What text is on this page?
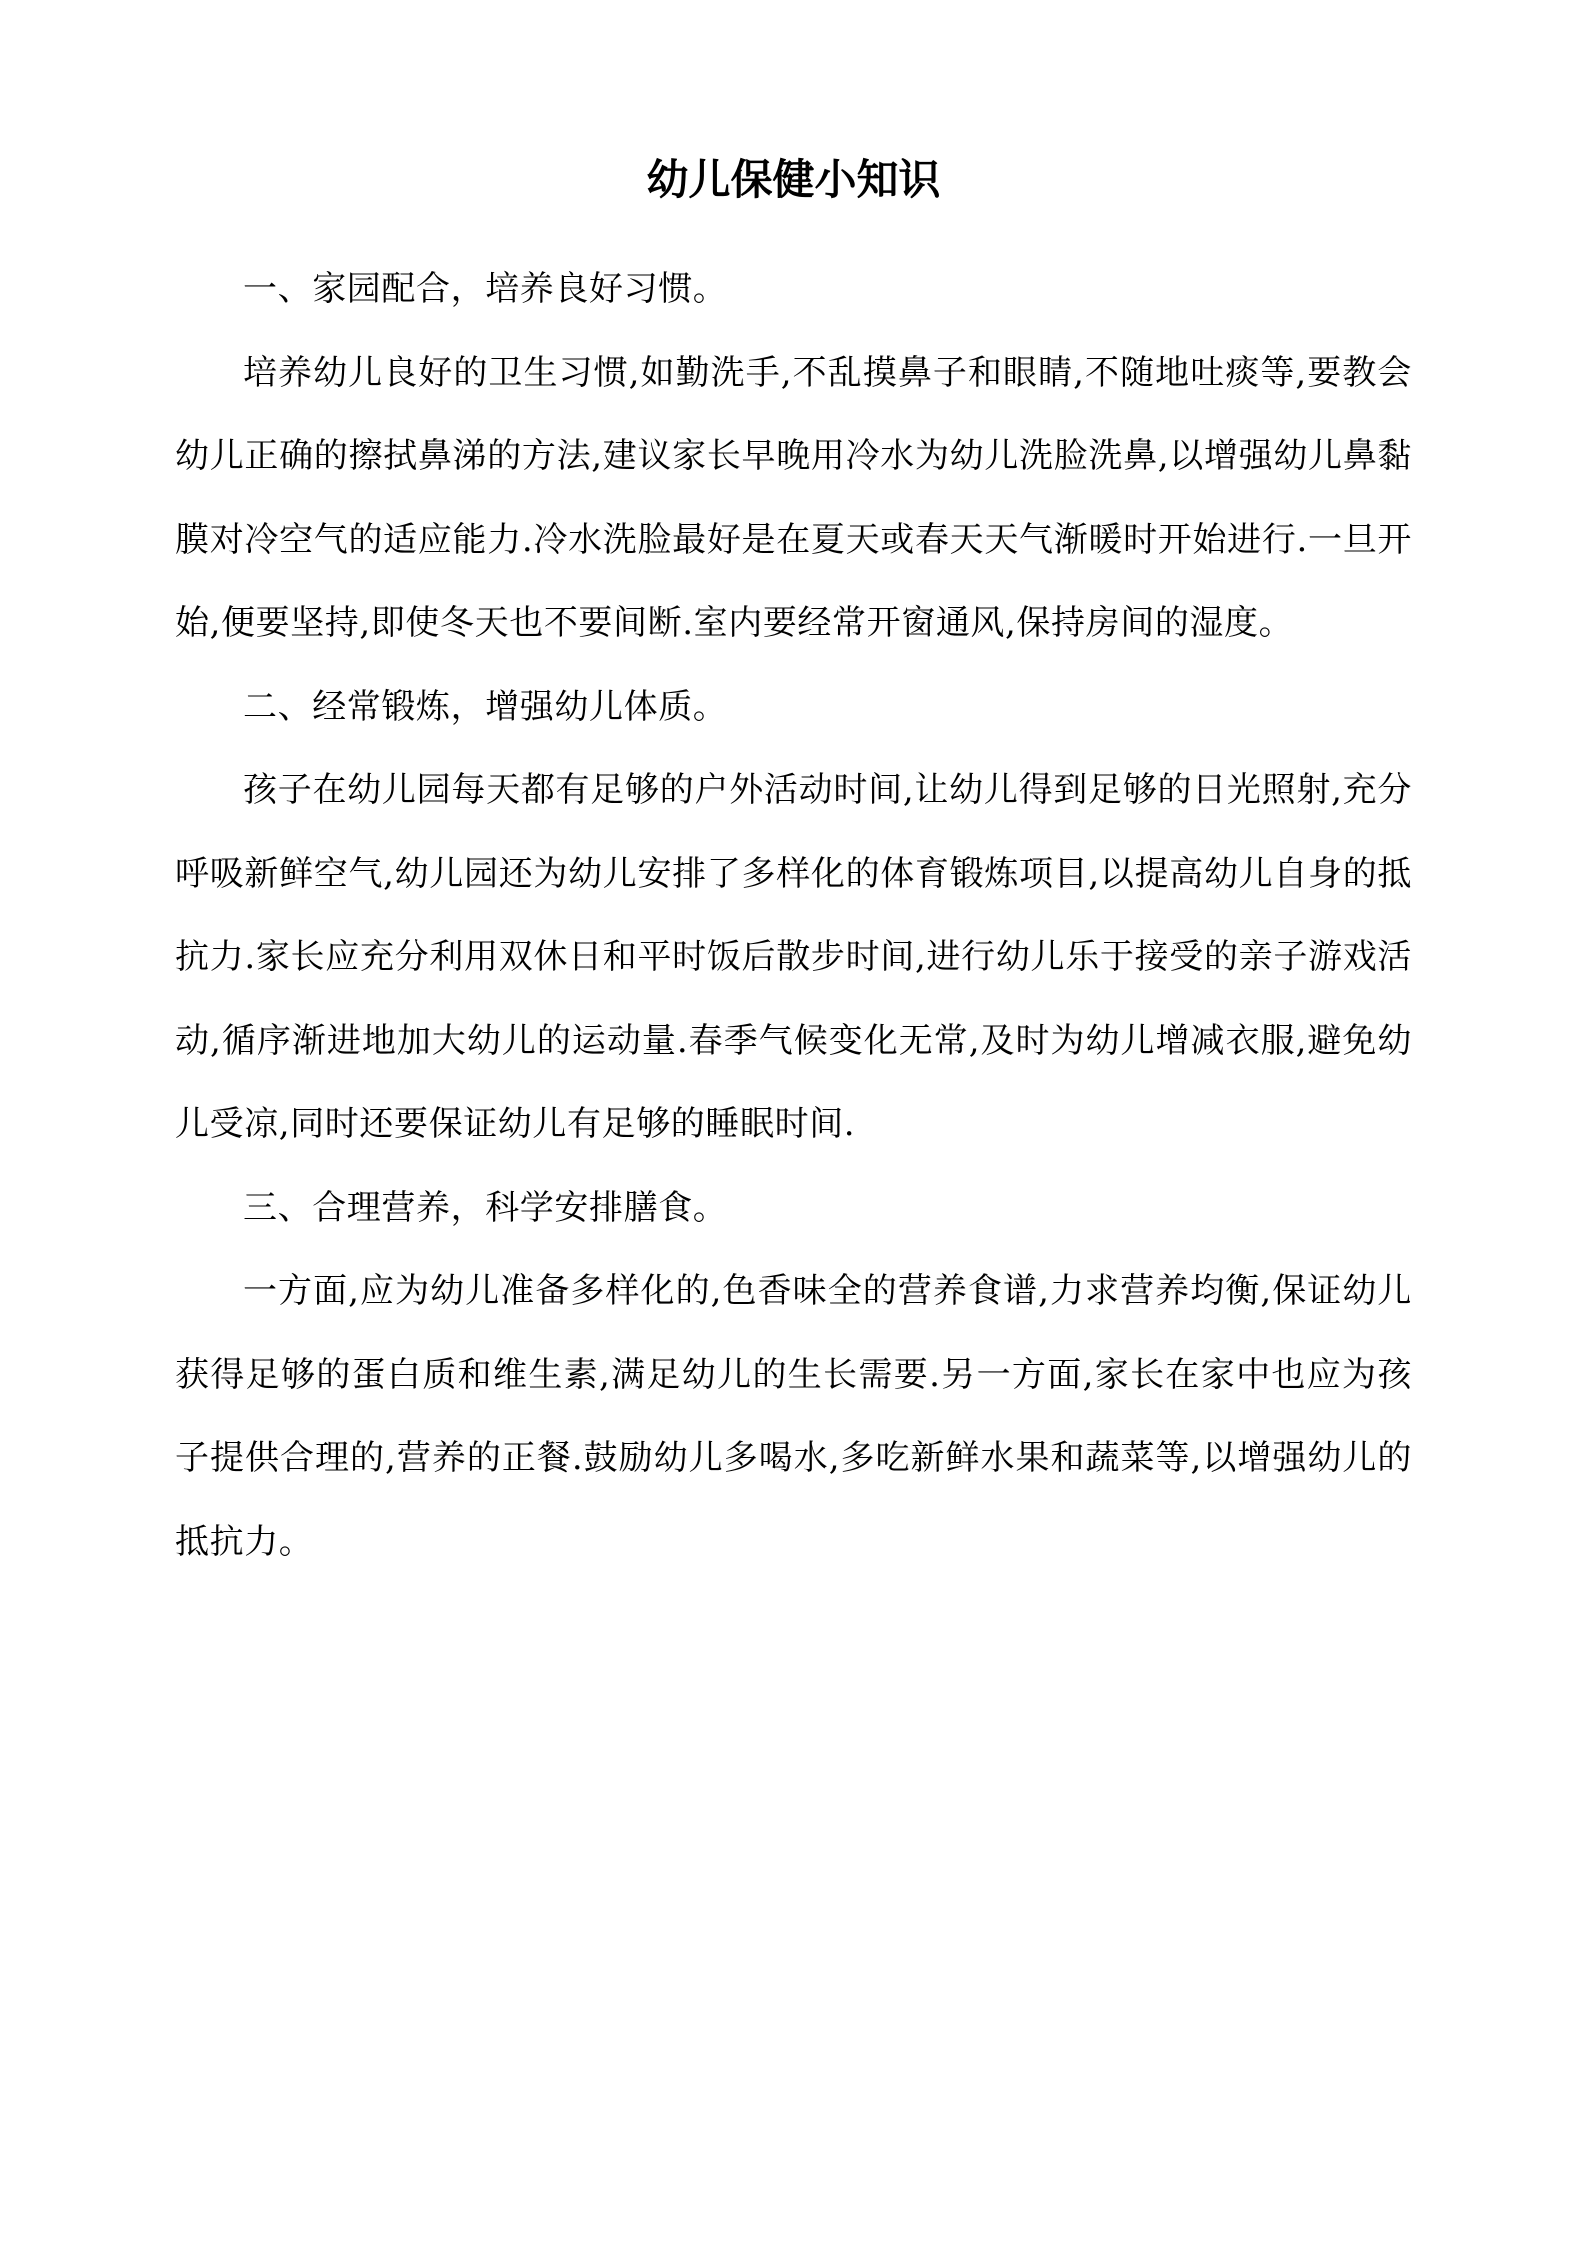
幼儿保健小知识

一、家园配合，培养良好习惯。

培养幼儿良好的卫生习惯,如勤洗手,不乱摸鼻子和眼睛,不随地吐痰等,要教会幼儿正确的擦拭鼻涕的方法,建议家长早晚用冷水为幼儿洗脸洗鼻,以增强幼儿鼻黏膜对冷空气的适应能力.冷水洗脸最好是在夏天或春天天气渐暖时开始进行.一旦开始,便要坚持,即使冬天也不要间断.室内要经常开窗通风,保持房间的湿度。

二、经常锻炼，增强幼儿体质。

孩子在幼儿园每天都有足够的户外活动时间,让幼儿得到足够的日光照射,充分呼吸新鲜空气,幼儿园还为幼儿安排了多样化的体育锻炼项目,以提高幼儿自身的抵抗力.家长应充分利用双休日和平时饭后散步时间,进行幼儿乐于接受的亲子游戏活动,循序渐进地加大幼儿的运动量.春季气候变化无常,及时为幼儿增减衣服,避免幼儿受凉,同时还要保证幼儿有足够的睡眠时间.

三、合理营养，科学安排膳食。

一方面,应为幼儿准备多样化的,色香味全的营养食谱,力求营养均衡,保证幼儿获得足够的蛋白质和维生素,满足幼儿的生长需要.另一方面,家长在家中也应为孩子提供合理的,营养的正餐.鼓励幼儿多喝水,多吃新鲜水果和蔬菜等,以增强幼儿的抵抗力。
